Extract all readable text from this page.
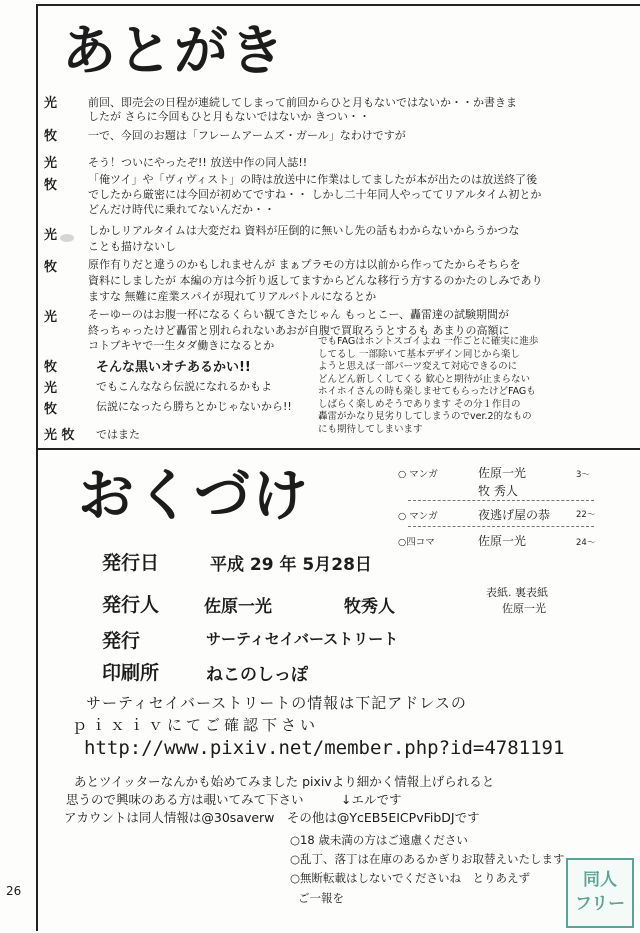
あとがき
光	前回、即売会の日程が連続してしまって前回からひと月もないではないか・・か書きま
したが さらに今回もひと月もないではないか きつい・・
牧	一で、今回のお題は「フレームアームズ・ガール」なわけですが
光	そう！ついにやったぞ!! 放送中作の同人誌!!
牧	「俺ツイ」や「ヴィヴィスト」の時は放送中に作業はしてましたが本が出たのは放送終了後
でしたから厳密には今回が初めてですね・・ しかし二十年同人やっててリアルタイム初とか
どんだけ時代に乗れてないんだか・・
光	しかしリアルタイムは大変だね 資料が圧倒的に無いし先の話もわからないからうかつな
ことも描けないし
牧	原作有りだと違うのかもしれませんが まぁプラモの方は以前から作ってたからそちらを
資料にしましたが 本編の方は今折り返してますからどんな移行う方するのかたのしみであり
ますな 無難に産業スパイが現れてリアルバトルになるとか
光	そーゆーのはお腹一杯になるくらい観てきたじゃん もっとこー、轟雷達の試験期間が
終っちゃったけど轟雷と別れられないあおが自腹で買取ろうとするも あまりの高額に
コトブキヤで一生タダ働きになるとか
牧	そんな黒いオチあるかい!!
光	でもこんななら伝説になれるかもよ
牧	伝説になったら勝ちとかじゃないから!!
光 牧 ではまた
でもFAGはホントスゴイよね 一作ごとに確実に進歩
してるし 一部除いて基本デザイン同じから楽し
ようと思えば一部パーツ変えて対応できるのに
どんどん新しくしてくる 歓心と期待が止まらない
ホイホイさんの時も楽しませてもらったけどFAGも
しばらく楽しめそうであります その分１作目の
轟雷がかなり見劣りしてしまうのでver.2的なもの
にも期待してしまいます
おくづけ	○ マンガ	佐原一光	3～
牧 秀人
○ マンガ	夜逃げ屋の恭	22～
○四コマ	佐原一光	24～
発行日	平成 29 年 5月28日
発行人	佐原一光	牧秀人
表紙. 裏表紙
佐原一光
発行	サーティセイバーストリート
印刷所	ねこのしっぽ
サーティセイバーストリートの情報は下記アドレスの
ｐｉｘｉｖにてご確認下さい
http://www.pixiv.net/member.php?id=4781191
あとツイッターなんかも始めてみました pixivより細かく情報上げられると
思うので興味のある方は覗いてみて下さい　　　↓エルです
アカウントは同人情報は@30saverw　その他は@YcEB5EICPvFibDJです
○18 歳未満の方はご遠慮ください
○乱丁、落丁は在庫のあるかぎりお取替えいたします
○無断転載はしないでくださいね　とりあえず
ご一報を
26
同人
フリー
